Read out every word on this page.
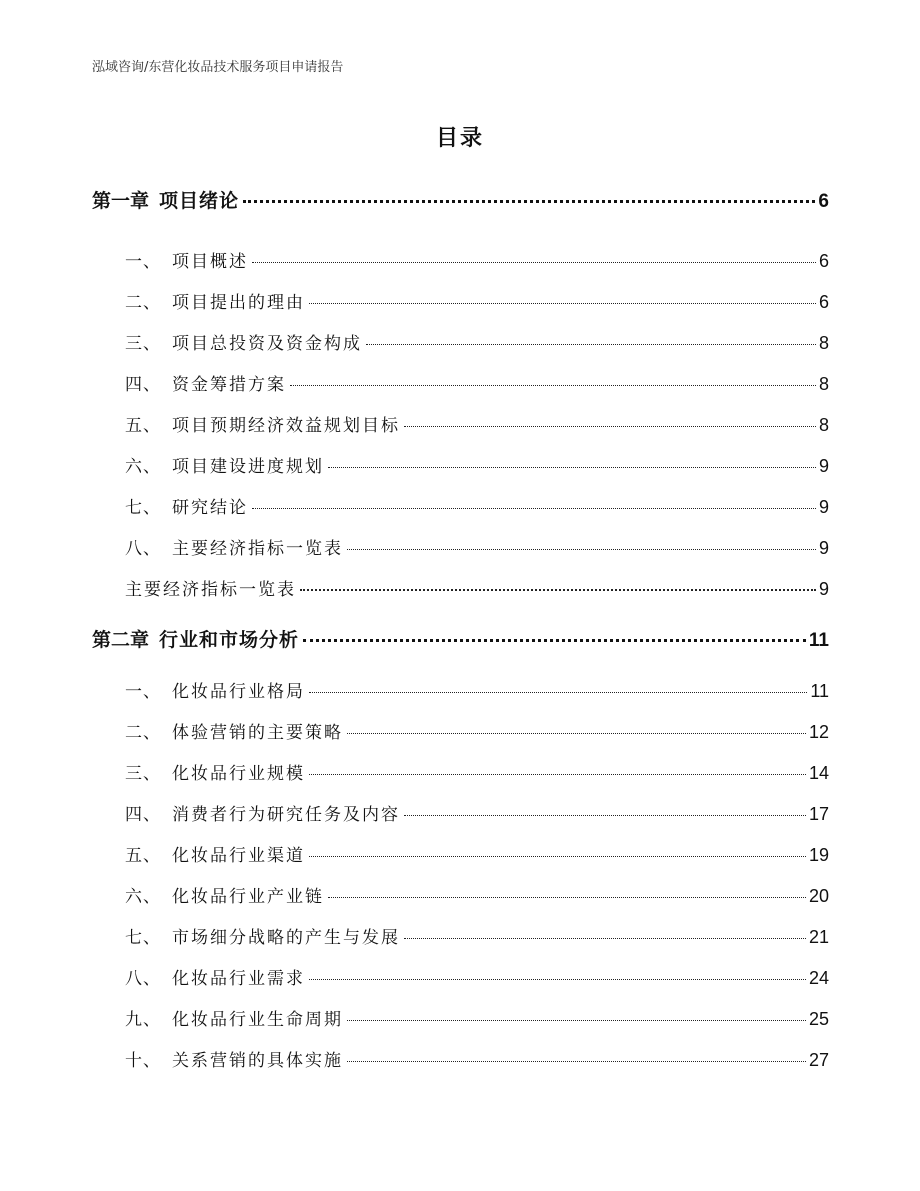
泓域咨询/东营化妆品技术服务项目申请报告
目录
第一章 项目绪论	6
一、 项目概述	6
二、 项目提出的理由	6
三、 项目总投资及资金构成	8
四、 资金筹措方案	8
五、 项目预期经济效益规划目标	8
六、 项目建设进度规划	9
七、 研究结论	9
八、 主要经济指标一览表	9
主要经济指标一览表	9
第二章 行业和市场分析	11
一、 化妆品行业格局	11
二、 体验营销的主要策略	12
三、 化妆品行业规模	14
四、 消费者行为研究任务及内容	17
五、 化妆品行业渠道	19
六、 化妆品行业产业链	20
七、 市场细分战略的产生与发展	21
八、 化妆品行业需求	24
九、 化妆品行业生命周期	25
十、 关系营销的具体实施	27
